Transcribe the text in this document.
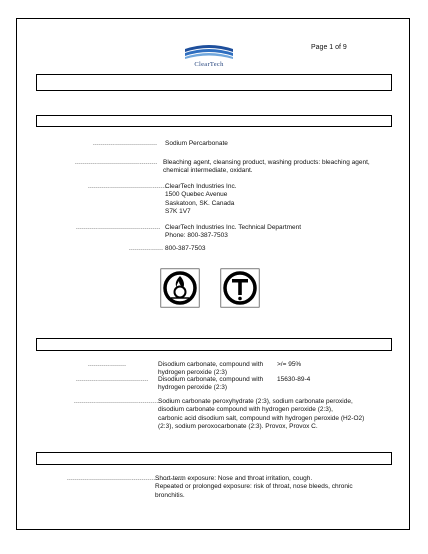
ClearTech
Page 1 of 9
................................ Sodium Percarbonate
......................................... Bleaching agent, cleansing product, washing products: bleaching agent,
chemical intermediate, oxidant.
.......................................
ClearTech Industries Inc.
1500 Quebec Avenue
Saskatoon, SK. Canada
S7K 1V7
.......................................... ClearTech Industries Inc. Technical Department
Phone: 800-387-7503
................. 800-387-7503
...................	Disodium carbonate, compound with
hydrogen peroxide (2:3)
>/= 95%
.................................... Disodium carbonate, compound with
hydrogen peroxide (2:3)
15630-89-4
...........................................
Sodium carbonate peroxyhydrate (2:3), sodium carbonate peroxide,
disodium carbonate compound with hydrogen peroxide (2:3),
carbonic acid disodium salt, compound with hydrogen peroxide (H2-O2)
(2:3), sodium peroxocarbonate (2:3). Provox, Provox C.
..........................................................
Short-term exposure: Nose and throat irritation, cough.
Repeated or prolonged exposure: risk of throat, nose bleeds, chronic
bronchitis.
